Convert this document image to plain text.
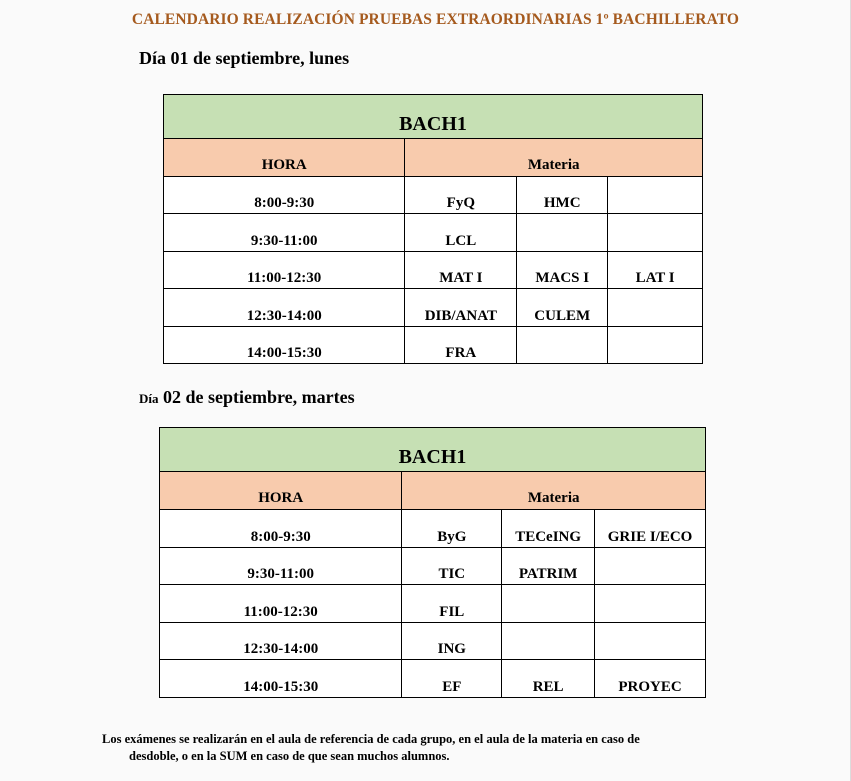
CALENDARIO REALIZACIÓN PRUEBAS EXTRAORDINARIAS 1º BACHILLERATO
Día 01 de septiembre, lunes
BACH1			
HORA	Materia		
8:00-9:30	FyQ	HMC	
9:30-11:00	LCL		
11:00-12:30	MAT I	MACS I	LAT I
12:30-14:00	DIB/ANAT	CULEM	
14:00-15:30	FRA		
Día 02 de septiembre, martes
BACH1			
HORA	Materia		
8:00-9:30	ByG	TECeING	GRIE I/ECO
9:30-11:00	TIC	PATRIM	
11:00-12:30	FIL		
12:30-14:00	ING		
14:00-15:30	EF	REL	PROYEC
Los exámenes se realizarán en el aula de referencia de cada grupo, en el aula de la materia en caso de
desdoble, o en la SUM en caso de que sean muchos alumnos.
